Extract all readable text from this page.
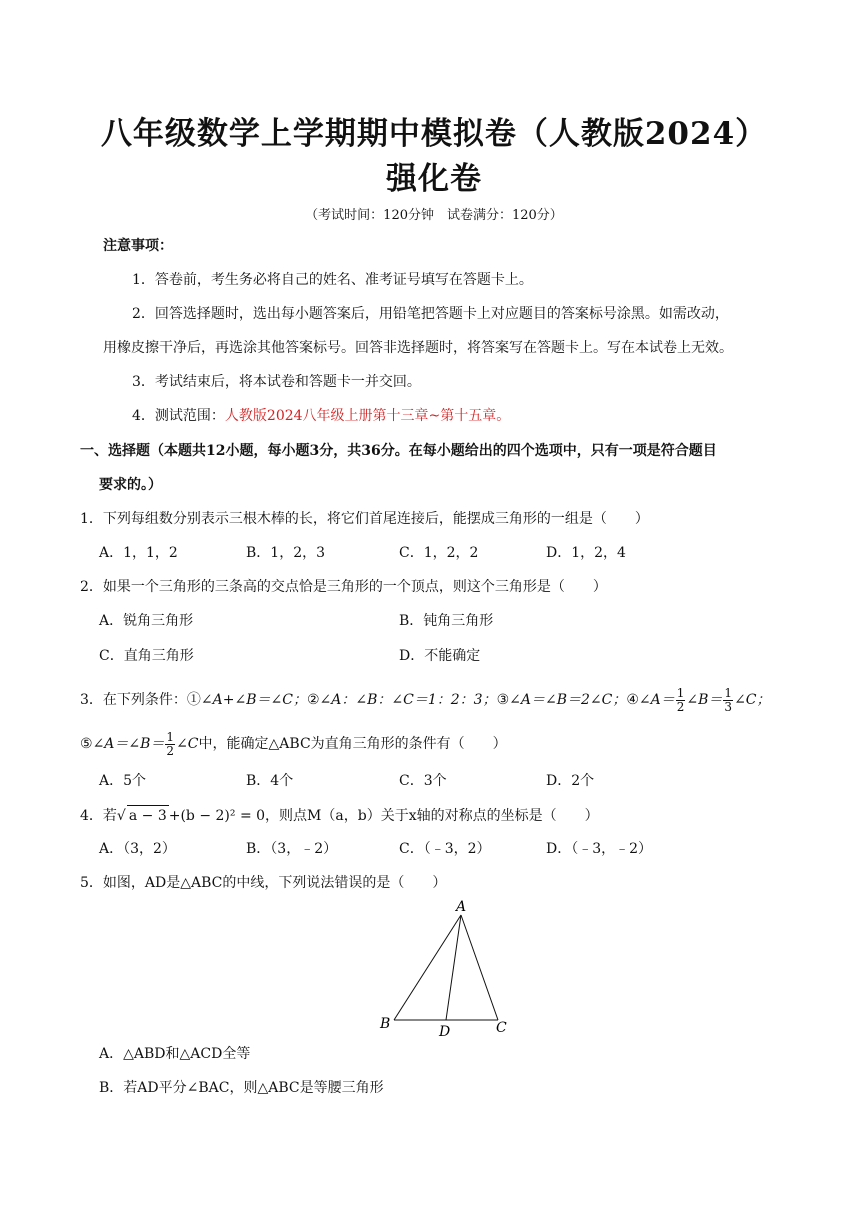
八年级数学上学期期中模拟卷（人教版2024）
强化卷
（考试时间：120分钟　试卷满分：120分）
注意事项：
1．答卷前，考生务必将自己的姓名、准考证号填写在答题卡上。
2．回答选择题时，选出每小题答案后，用铅笔把答题卡上对应题目的答案标号涂黑。如需改动，
用橡皮擦干净后，再选涂其他答案标号。回答非选择题时，将答案写在答题卡上。写在本试卷上无效。
3．考试结束后，将本试卷和答题卡一并交回。
4．测试范围：人教版2024八年级上册第十三章~第十五章。
一、选择题（本题共12小题，每小题3分，共36分。在每小题给出的四个选项中，只有一项是符合题目
要求的。）
1．下列每组数分别表示三根木棒的长，将它们首尾连接后，能摆成三角形的一组是（　　）
A．1，1，2	B．1，2，3	C．1，2，2	D．1，2，4
2．如果一个三角形的三条高的交点恰是三角形的一个顶点，则这个三角形是（　　）
A．锐角三角形	B．钝角三角形
C．直角三角形	D．不能确定
3．在下列条件：①∠A+∠B＝∠C；②∠A：∠B：∠C＝1：2：3；③∠A＝∠B＝2∠C；④∠A＝ $\frac{1}{2}$ ∠B＝ $\frac{1}{3}$ ∠C；
⑤∠A＝∠B＝ $\frac{1}{2}$ ∠C中，能确定△ABC为直角三角形的条件有（　　）
A．5个	B．4个	C．3个	D．2个
4．若√ a − 3 +(b − 2)² = 0，则点M（a，b）关于x轴的对称点的坐标是（　　）
A．（3，2）	B．（3，﹣2）	C．（﹣3，2）	D．（﹣3，﹣2）
5．如图，AD是△ABC的中线，下列说法错误的是（　　）
A
B	C
D
A．△ABD和△ACD全等
B．若AD平分∠BAC，则△ABC是等腰三角形
